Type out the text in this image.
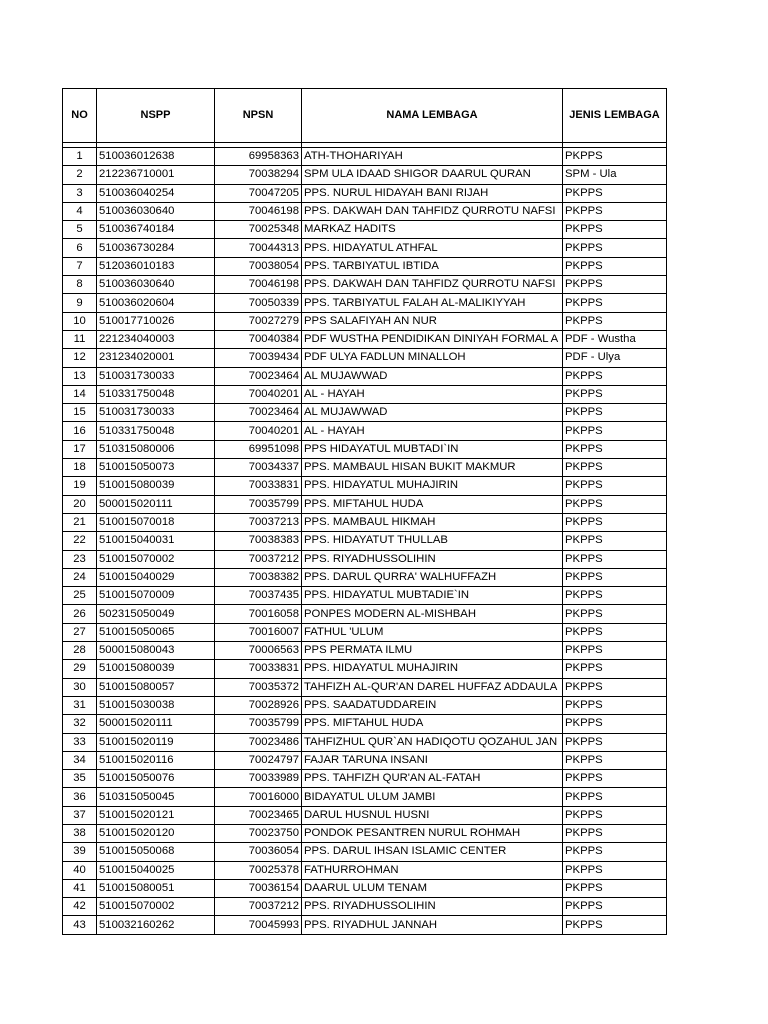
NO	NSPP	NPSN	NAMA LEMBAGA	JENIS LEMBAGA

1	510036012638	69958363	ATH-THOHARIYAH	PKPPS
2	212236710001	70038294	SPM ULA IDAAD SHIGOR DAARUL QURAN	SPM - Ula
3	510036040254	70047205	PPS. NURUL HIDAYAH BANI RIJAH	PKPPS
4	510036030640	70046198	PPS. DAKWAH DAN TAHFIDZ QURROTU NAFSI	PKPPS
5	510036740184	70025348	MARKAZ HADITS	PKPPS
6	510036730284	70044313	PPS. HIDAYATUL ATHFAL	PKPPS
7	512036010183	70038054	PPS. TARBIYATUL IBTIDA	PKPPS
8	510036030640	70046198	PPS. DAKWAH DAN TAHFIDZ QURROTU NAFSI	PKPPS
9	510036020604	70050339	PPS. TARBIYATUL FALAH AL-MALIKIYYAH	PKPPS
10	510017710026	70027279	PPS SALAFIYAH AN NUR	PKPPS
11	221234040003	70040384	PDF WUSTHA PENDIDIKAN DINIYAH FORMAL A	PDF - Wustha
12	231234020001	70039434	PDF ULYA FADLUN MINALLOH	PDF - Ulya
13	510031730033	70023464	AL MUJAWWAD	PKPPS
14	510331750048	70040201	AL - HAYAH	PKPPS
15	510031730033	70023464	AL MUJAWWAD	PKPPS
16	510331750048	70040201	AL - HAYAH	PKPPS
17	510315080006	69951098	PPS HIDAYATUL MUBTADI`IN	PKPPS
18	510015050073	70034337	PPS. MAMBAUL HISAN BUKIT MAKMUR	PKPPS
19	510015080039	70033831	PPS. HIDAYATUL MUHAJIRIN	PKPPS
20	500015020111	70035799	PPS. MIFTAHUL HUDA	PKPPS
21	510015070018	70037213	PPS. MAMBAUL HIKMAH	PKPPS
22	510015040031	70038383	PPS. HIDAYATUT THULLAB	PKPPS
23	510015070002	70037212	PPS. RIYADHUSSOLIHIN	PKPPS
24	510015040029	70038382	PPS. DARUL QURRA' WALHUFFAZH	PKPPS
25	510015070009	70037435	PPS. HIDAYATUL MUBTADIE`IN	PKPPS
26	502315050049	70016058	PONPES MODERN AL-MISHBAH	PKPPS
27	510015050065	70016007	FATHUL 'ULUM	PKPPS
28	500015080043	70006563	PPS PERMATA ILMU	PKPPS
29	510015080039	70033831	PPS. HIDAYATUL MUHAJIRIN	PKPPS
30	510015080057	70035372	TAHFIZH AL-QUR'AN DAREL HUFFAZ ADDAULA	PKPPS
31	510015030038	70028926	PPS. SAADATUDDAREIN	PKPPS
32	500015020111	70035799	PPS. MIFTAHUL HUDA	PKPPS
33	510015020119	70023486	TAHFIZHUL QUR`AN HADIQOTU QOZAHUL JAN	PKPPS
34	510015020116	70024797	FAJAR TARUNA INSANI	PKPPS
35	510015050076	70033989	PPS. TAHFIZH QUR'AN AL-FATAH	PKPPS
36	510315050045	70016000	BIDAYATUL ULUM JAMBI	PKPPS
37	510015020121	70023465	DARUL HUSNUL HUSNI	PKPPS
38	510015020120	70023750	PONDOK PESANTREN NURUL ROHMAH	PKPPS
39	510015050068	70036054	PPS. DARUL IHSAN ISLAMIC CENTER	PKPPS
40	510015040025	70025378	FATHURROHMAN	PKPPS
41	510015080051	70036154	DAARUL ULUM TENAM	PKPPS
42	510015070002	70037212	PPS. RIYADHUSSOLIHIN	PKPPS
43	510032160262	70045993	PPS. RIYADHUL JANNAH	PKPPS
